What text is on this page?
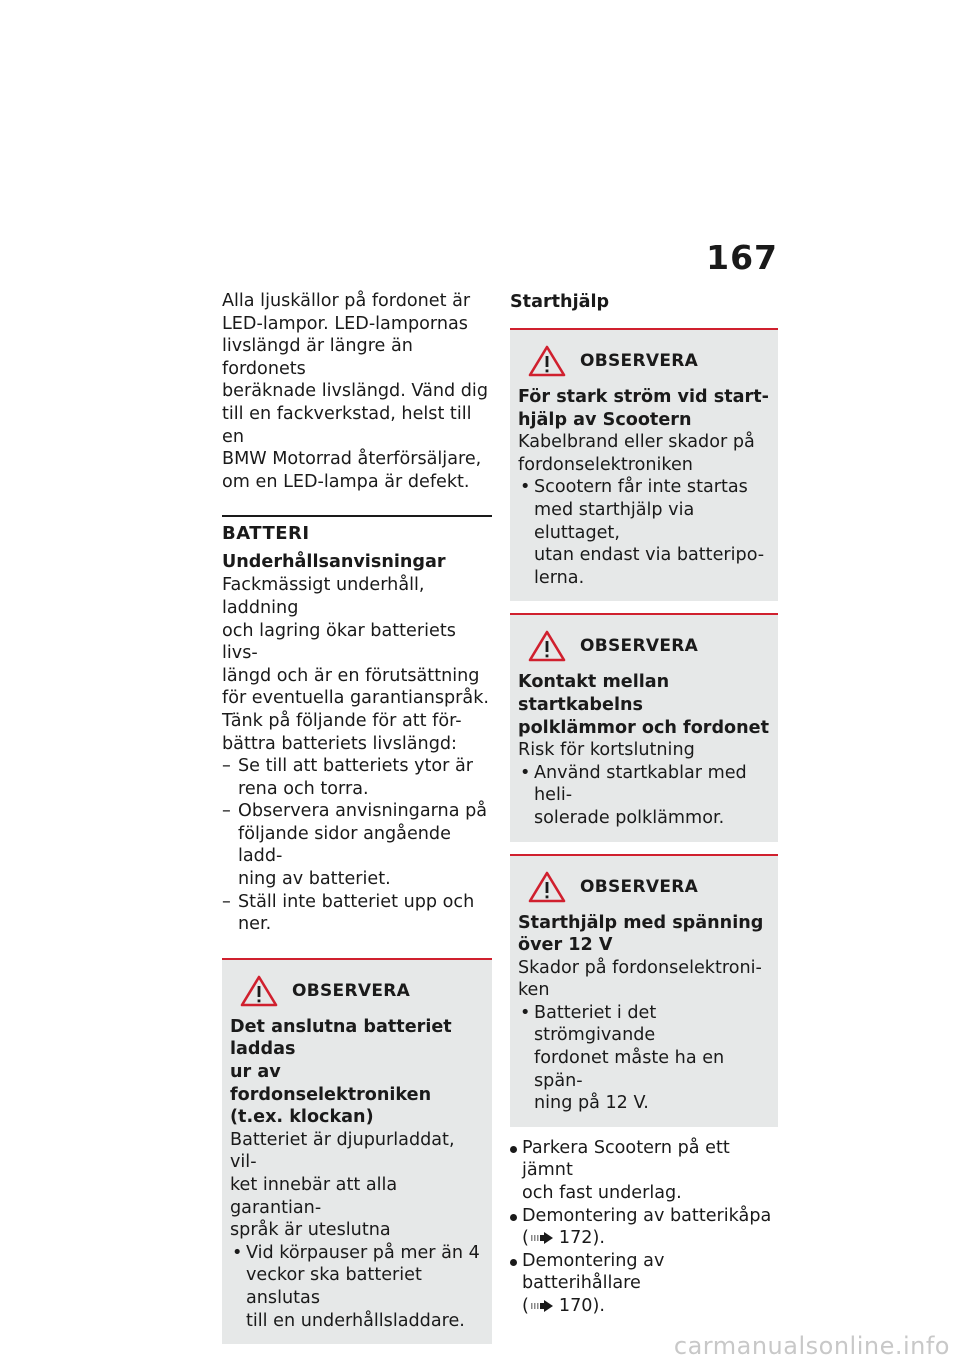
167
Alla ljuskällor på fordonet är
LED-lampor. LED-lampornas
livslängd är längre än fordonets
beräknade livslängd. Vänd dig
till en fackverkstad, helst till en
BMW Motorrad återförsäljare,
om en LED-lampa är defekt.
BATTERI
Underhållsanvisningar
Fackmässigt underhåll, laddning
och lagring ökar batteriets livs-
längd och är en förutsättning
för eventuella garantianspråk.
Tänk på följande för att för-
bättra batteriets livslängd:
– Se till att batteriets ytor är
rena och torra.
– Observera anvisningarna på
följande sidor angående ladd-
ning av batteriet.
– Ställ inte batteriet upp och
ner.
OBSERVERA
Det anslutna batteriet laddas
ur av fordonselektroniken
(t.ex. klockan)
Batteriet är djupurladdat, vil-
ket innebär att alla garantian-
språk är uteslutna
• Vid körpauser på mer än 4
veckor ska batteriet anslutas
till en underhållsladdare.
Starthjälp
OBSERVERA
För stark ström vid start-
hjälp av Scootern
Kabelbrand eller skador på
fordonselektroniken
• Scootern får inte startas
med starthjälp via eluttaget,
utan endast via batteripo-
lerna.
OBSERVERA
Kontakt mellan startkabelns
polklämmor och fordonet
Risk för kortslutning
• Använd startkablar med heli-
solerade polklämmor.
OBSERVERA
Starthjälp med spänning
över 12 V
Skador på fordonselektroni-
ken
• Batteriet i det strömgivande
fordonet måste ha en spän-
ning på 12 V.
Parkera Scootern på ett jämnt
och fast underlag.
Demontering av batterikåpa
( 172).
Demontering av batterihållare
( 170).
carmanualsonline.info
